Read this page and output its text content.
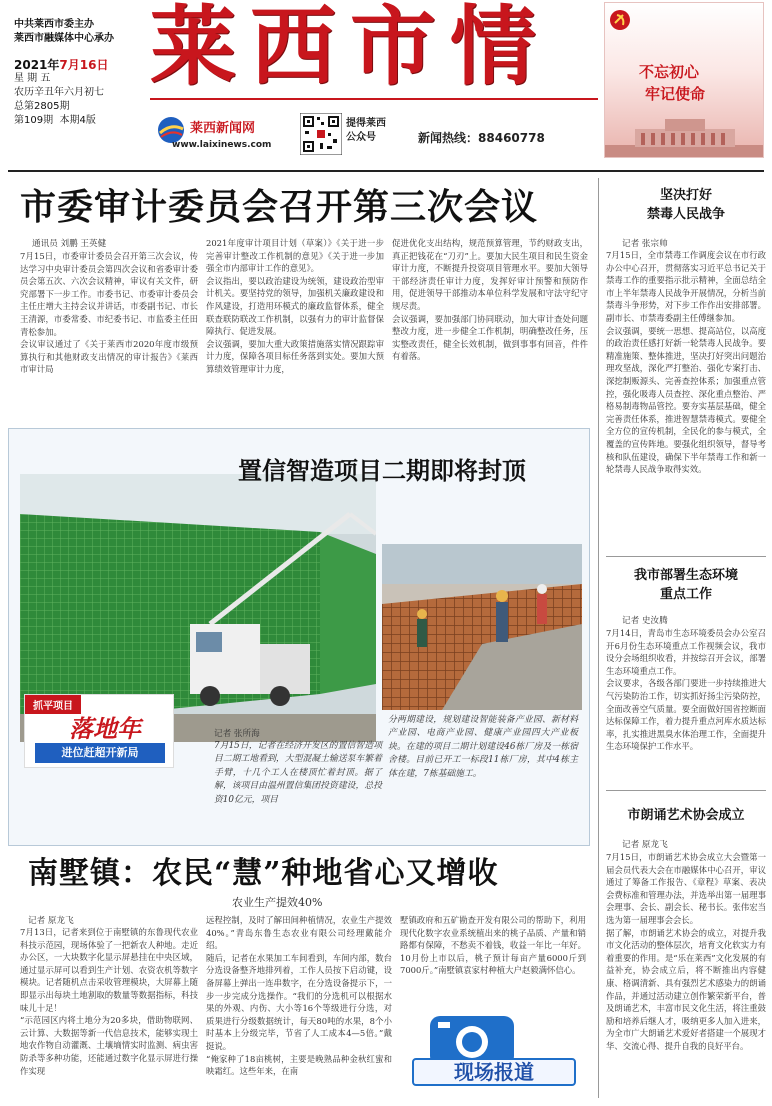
中共莱西市委主办
莱西市融媒体中心承办
2021年7月16日
星 期 五
农历辛丑年六月初七
总第2805期
第109期 本期4版
莱西市情
莱西新闻网
www.laixinews.com
提得莱西
公众号	新闻热线：88460778
不忘初心
牢记使命
市委审计委员会召开第三次会议
通讯员 刘鹏 王英健
7月15日，市委审计委员会召开第三次会议，传达学习中央审计委员会第四次会议和省委审计委员会第五次、六次会议精神，审议有关文件，研究部署下一步工作。市委书记、市委审计委员会主任庄增大主持会议并讲话，市委副书记、市长王清源，市委常委、市纪委书记、市监委主任田青松参加。
会议审议通过了《关于莱西市2020年度市级预算执行和其他财政支出情况的审计报告》《莱西市审计局
2021年度审计项目计划（草案）》《关于进一步完善审计整改工作机制的意见》《关于进一步加强全市内部审计工作的意见》。
会议指出，要以政治建设为统领，建设政治型审计机关。要坚持党的领导，加强机关廉政建设和作风建设，打造用环模式的廉政监督体系，健全联查联防联改工作机制，以强有力的审计监督保障执行、促进发展。
会议强调，要加大重大政策措施落实情况跟踪审计力度，保障各项目标任务落到实处。要加大预算绩效管理审计力度，
促进优化支出结构，规范预算管理，节约财政支出，真正把钱花在“刀刃”上。要加大民生项目和民生资金审计力度，不断提升投资项目管理水平。要加大领导干部经济责任审计力度，发挥好审计预警和预防作用，促进领导干部推动本单位科学发展和守法守纪守规尽责。
会议强调，要加强部门协同联动，加大审计查处问题整改力度，进一步健全工作机制，明确整改任务，压实整改责任，健全长效机制，做到事事有回音，件件有着落。
置信智造项目二期即将封顶
抓平项目
落地年
进位赶超开新局
记者 张所海
7月15日，记者在经济开发区的置信智造项目二期工地看到，大型混凝土输送泵车繁着手臂，十几个工人在楼顶忙着封顶。据了解，该项目由温州置信集团投资建设，总投资10亿元，项目
分两期建设，规划建设智能装备产业园、新材料产业园、电商产业园、健康产业园四大产业板块。在建的项目二期计划建设46栋厂房及一栋宿舍楼。目前已开工一标段11栋厂房，其中4栋主体在建，7栋基础施工。
南墅镇：农民“慧”种地省心又增收
农业生产提效40%
记者 原龙飞
7月13日，记者来到位于南墅镇的东鲁现代农业科技示范园，现场体验了一把新农人种地。走近办公区，一大块数字化显示屏悬挂在中央区域，通过显示屏可以看到生产计划、农资农机等数字模块。记者随机点击采收管理模块，大屏幕上随即显示出每块土地割取的数量等数据指标，科技味儿十足！
“示范园区内将土地分为20多块，借助物联网、云计算、大数据等新一代信息技术，能够实现土地农作物自动灌溉、土壤墒情实时监测、病虫害防杀等多种功能，还能通过数字化显示屏进行操作实现
远程控制，及时了解田间种植情况，农业生产提效40%。”青岛东鲁生态农业有限公司经理戴能介绍。
随后，记者在水果加工车间看到，车间内部，数台分选设备整齐地排列着，工作人员按下启动键，设备屏幕上弹出一连串数字，在分选设备提示下，一步一步完成分选操作。“我们的分选机可以根据水果的外观、内伤、大小等16个等级进行分选，对质果进行分级数据统计，每天80吨的水果，8个小时基本上分级完毕，节省了人工成本4—5倍。”戴挺说。
“俺家种了18亩桃树，主要是晚熟品种金秋红蜜和映霜红。这些年来，在南
墅镇政府和五矿勘查开发有限公司的帮助下，利用现代化数字农业系统植出来的桃子品质、产量和销路都有保障，不愁卖不着钱，收益一年比一年好。10月份上市以后，桃子预计每亩产量6000斤到7000斤。”南墅镇袁家村种植大户赵毅满怀信心。
现场报道
坚决打好
禁毒人民战争
记者 张宗帅
7月15日，全市禁毒工作调度会议在市行政办公中心召开，贯彻落实习近平总书记关于禁毒工作的重要指示批示精神，全面总结全市上半年禁毒人民战争开展情况，分析当前禁毒斗争形势，对下步工作作出安排部署。副市长、市禁毒委副主任傅继参加。
会议强调，要统一思想、提高站位，以高度的政治责任感打好新一轮禁毒人民战争。要精准施策、整体推进，坚决打好突出问题治理攻坚战，深化严打整治、强化专案打击、深挖制贩源头、完善查控体系；加强重点管控，强化吸毒人员查控、深化重点整治、严格易制毒物品管控。要夯实基层基础，健全完善责任体系，推进智慧禁毒模式。要健全全方位的宣传机制，全民化的参与模式，全覆盖的宣传阵地。要强化组织领导，督导考核和队伍建设，确保下半年禁毒工作和新一轮禁毒人民战争取得实效。
我市部署生态环境
重点工作
记者 史汝腾
7月14日，青岛市生态环境委员会办公室召开6月份生态环境重点工作视频会议，我市设分会场组织收看，并按综召开会议，部署生态环境重点工作。
会议要求，各级各部门要进一步持续推进大气污染防治工作，切实抓好扬尘污染防控，全面改善空气质量。要全面做好国省控断面达标保障工作，着力提升重点河库水质达标率，扎实推进黑臭水体治理工作，全面提升生态环境保护工作水平。
市朗诵艺术协会成立
记者 原龙飞
7月15日，市朗诵艺术协会成立大会暨第一届会员代表大会在市融媒体中心召开，审议通过了筹备工作报告、《章程》草案、表决会费标准和管理办法，并选举出第一届理事会理事、会长、副会长、秘书长。张伟宏当选为第一届理事会会长。
据了解，市朗诵艺术协会的成立，对提升我市文化活动的整体层次，培育文化软实力有着重要的作用。是“乐在莱西”文化发展的有益补充，协会成立后，将不断推出内容健康、格调清新、具有强烈艺术感染力的朗诵作品，并通过活动建立创作繁荣新平台，普及朗诵艺术，丰富市民文化生活，将注重鼓励和培养后继人才，吸纳更多人加入进来，为全市广大朗诵艺术爱好者搭建一个展现才华、交流心得、提升自我的良好平台。
